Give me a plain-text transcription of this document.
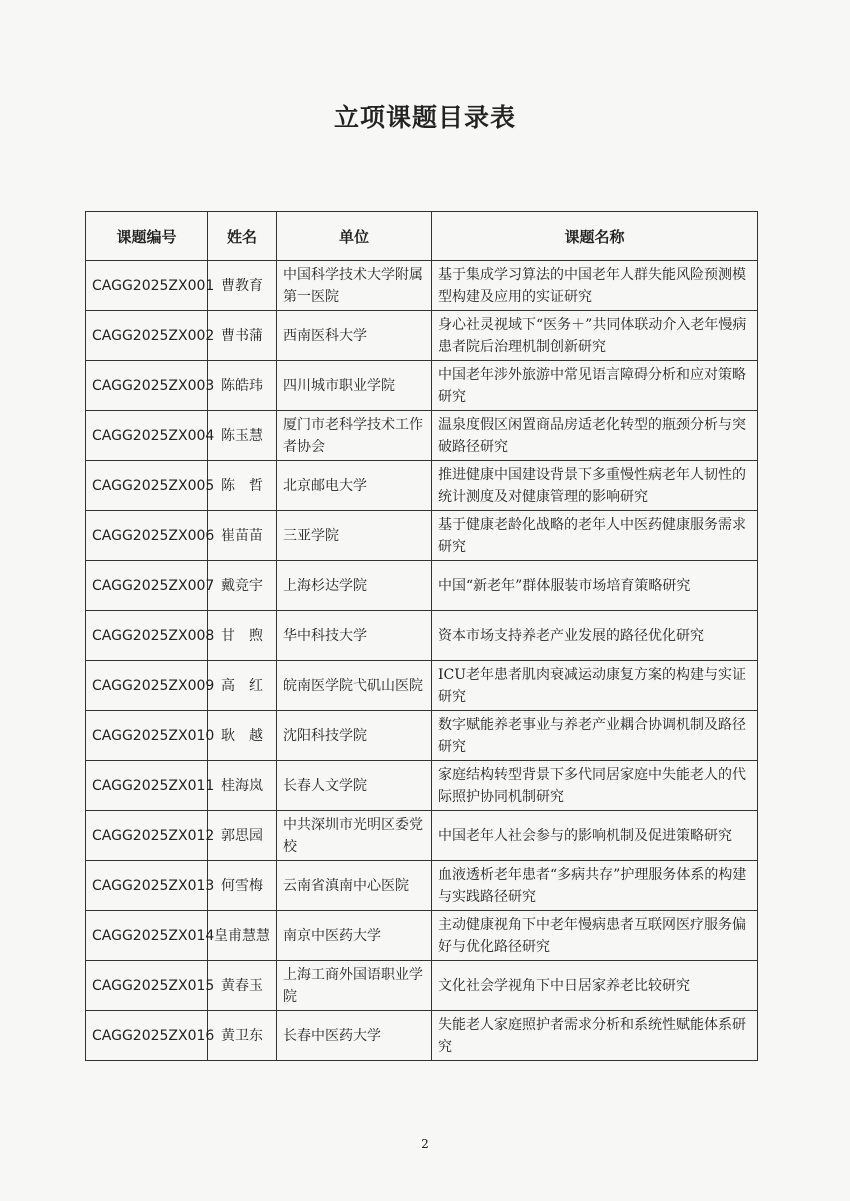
立项课题目录表
课题编号	姓名	单位	课题名称
CAGG2025ZX001	曹教育	中国科学技术大学附属第一医院	基于集成学习算法的中国老年人群失能风险预测模型构建及应用的实证研究
CAGG2025ZX002	曹书蒲	西南医科大学	身心社灵视域下“医务＋”共同体联动介入老年慢病患者院后治理机制创新研究
CAGG2025ZX003	陈皓玮	四川城市职业学院	中国老年涉外旅游中常见语言障碍分析和应对策略研究
CAGG2025ZX004	陈玉慧	厦门市老科学技术工作者协会	温泉度假区闲置商品房适老化转型的瓶颈分析与突破路径研究
CAGG2025ZX005	陈　哲	北京邮电大学	推进健康中国建设背景下多重慢性病老年人韧性的统计测度及对健康管理的影响研究
CAGG2025ZX006	崔苗苗	三亚学院	基于健康老龄化战略的老年人中医药健康服务需求研究
CAGG2025ZX007	戴竞宇	上海杉达学院	中国“新老年”群体服装市场培育策略研究
CAGG2025ZX008	甘　煦	华中科技大学	资本市场支持养老产业发展的路径优化研究
CAGG2025ZX009	高　红	皖南医学院弋矶山医院	ICU老年患者肌肉衰减运动康复方案的构建与实证研究
CAGG2025ZX010	耿　越	沈阳科技学院	数字赋能养老事业与养老产业耦合协调机制及路径研究
CAGG2025ZX011	桂海岚	长春人文学院	家庭结构转型背景下多代同居家庭中失能老人的代际照护协同机制研究
CAGG2025ZX012	郭思园	中共深圳市光明区委党校	中国老年人社会参与的影响机制及促进策略研究
CAGG2025ZX013	何雪梅	云南省滇南中心医院	血液透析老年患者“多病共存”护理服务体系的构建与实践路径研究
CAGG2025ZX014	皇甫慧慧	南京中医药大学	主动健康视角下中老年慢病患者互联网医疗服务偏好与优化路径研究
CAGG2025ZX015	黄春玉	上海工商外国语职业学院	文化社会学视角下中日居家养老比较研究
CAGG2025ZX016	黄卫东	长春中医药大学	失能老人家庭照护者需求分析和系统性赋能体系研究
2
